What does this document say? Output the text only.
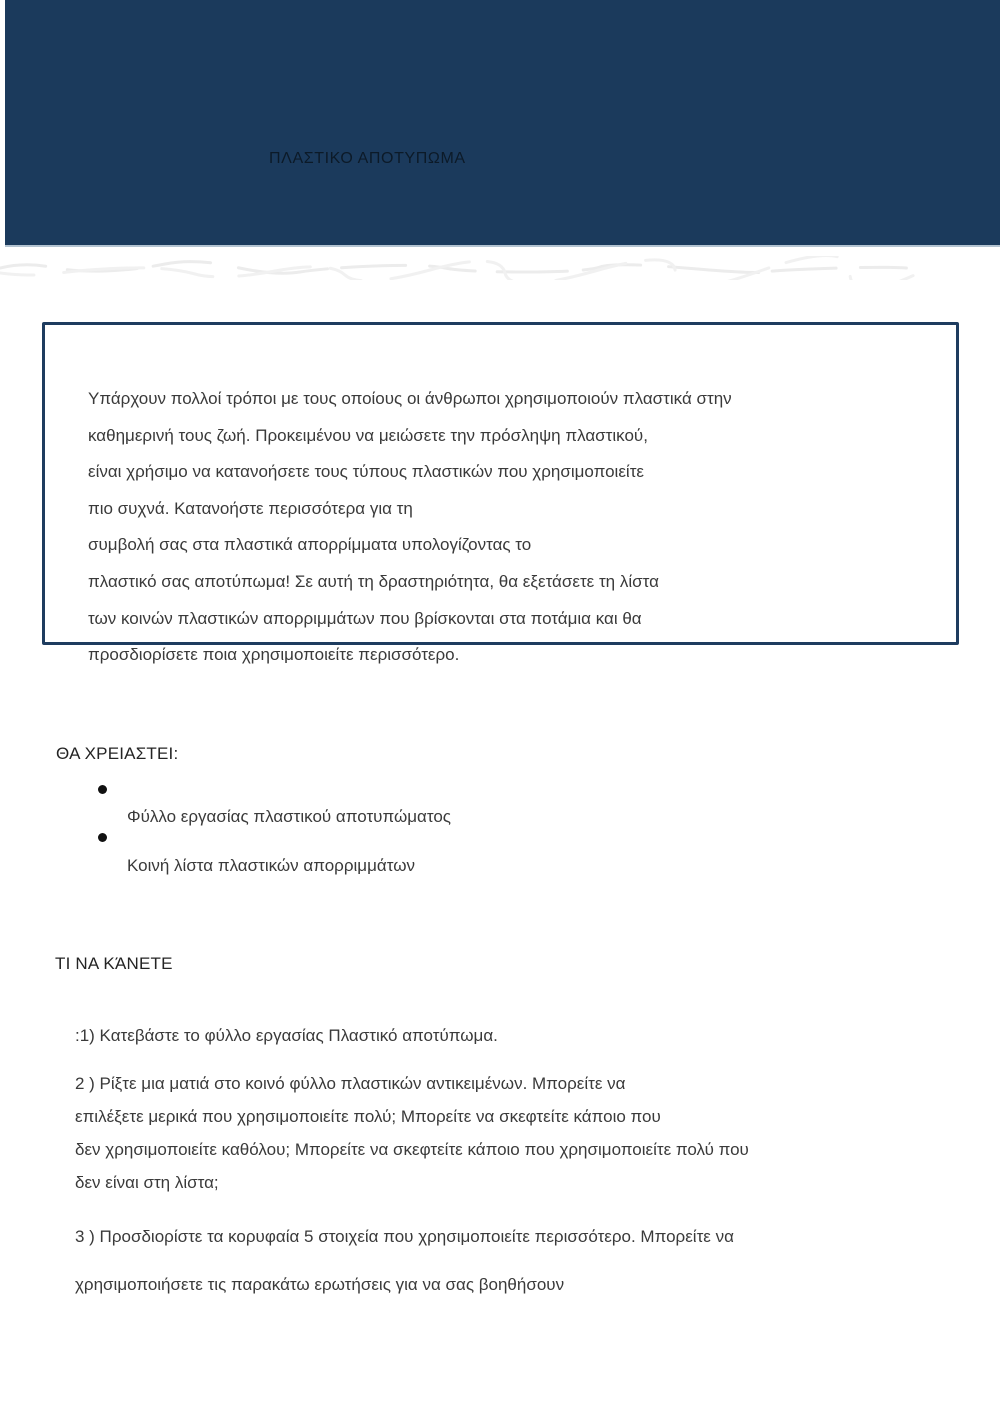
ΠΛΑΣΤΙΚΟ ΑΠΟΤΥΠΩΜΑ
Υπάρχουν πολλοί τρόποι με τους οποίους οι άνθρωποι χρησιμοποιούν πλαστικά στην
καθημερινή τους ζωή. Προκειμένου να μειώσετε την πρόσληψη πλαστικού,
είναι χρήσιμο να κατανοήσετε τους τύπους πλαστικών που χρησιμοποιείτε
πιο συχνά. Κατανοήστε περισσότερα για τη
συμβολή σας στα πλαστικά απορρίμματα υπολογίζοντας το
πλαστικό σας αποτύπωμα! Σε αυτή τη δραστηριότητα, θα εξετάσετε τη λίστα
των κοινών πλαστικών απορριμμάτων που βρίσκονται στα ποτάμια και θα
προσδιορίσετε ποια χρησιμοποιείτε περισσότερο.
ΘΑ ΧΡΕΙΑΣΤΕΙ:
Φύλλο εργασίας πλαστικού αποτυπώματος
Κοινή λίστα πλαστικών απορριμμάτων
ΤΙ ΝΑ ΚΆΝΕΤΕ
:1) Κατεβάστε το φύλλο εργασίας Πλαστικό αποτύπωμα.
2 ) Ρίξτε μια ματιά στο κοινό φύλλο πλαστικών αντικειμένων. Μπορείτε να
επιλέξετε μερικά που χρησιμοποιείτε πολύ; Μπορείτε να σκεφτείτε κάποιο που
δεν χρησιμοποιείτε καθόλου; Μπορείτε να σκεφτείτε κάποιο που χρησιμοποιείτε πολύ που
δεν είναι στη λίστα;
3 ) Προσδιορίστε τα κορυφαία 5 στοιχεία που χρησιμοποιείτε περισσότερο. Μπορείτε να
χρησιμοποιήσετε τις παρακάτω ερωτήσεις για να σας βοηθήσουν
